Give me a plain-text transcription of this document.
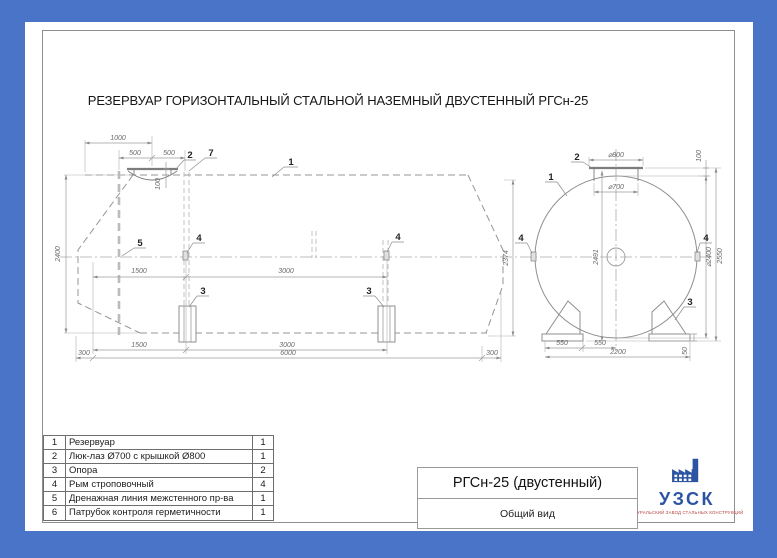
1000
500	500
100
2400	2374
1500	3000
1500	3000
300	6000	300
1
2 7
5	4
3
4
3
⌀800
⌀700
100
⌀2400 2550
2491
50
550	550
2200
2
1
4	4
3
РЕЗЕРВУАР ГОРИЗОНТАЛЬНЫЙ СТАЛЬНОЙ НАЗЕМНЫЙ ДВУСТЕННЫЙ РГСн-25
1	Резервуар	1
2	Люк-лаз Ø700 с крышкой Ø800	1
3	Опора	2
4	Рым строповочный	4
5	Дренажная линия межстенного пр-ва	1
6	Патрубок контроля герметичности	1
РГСн-25 (двустенный)
Общий вид
УЗСК
УРАЛЬСКИЙ ЗАВОД СТАЛЬНЫХ КОНСТРУКЦИЙ
